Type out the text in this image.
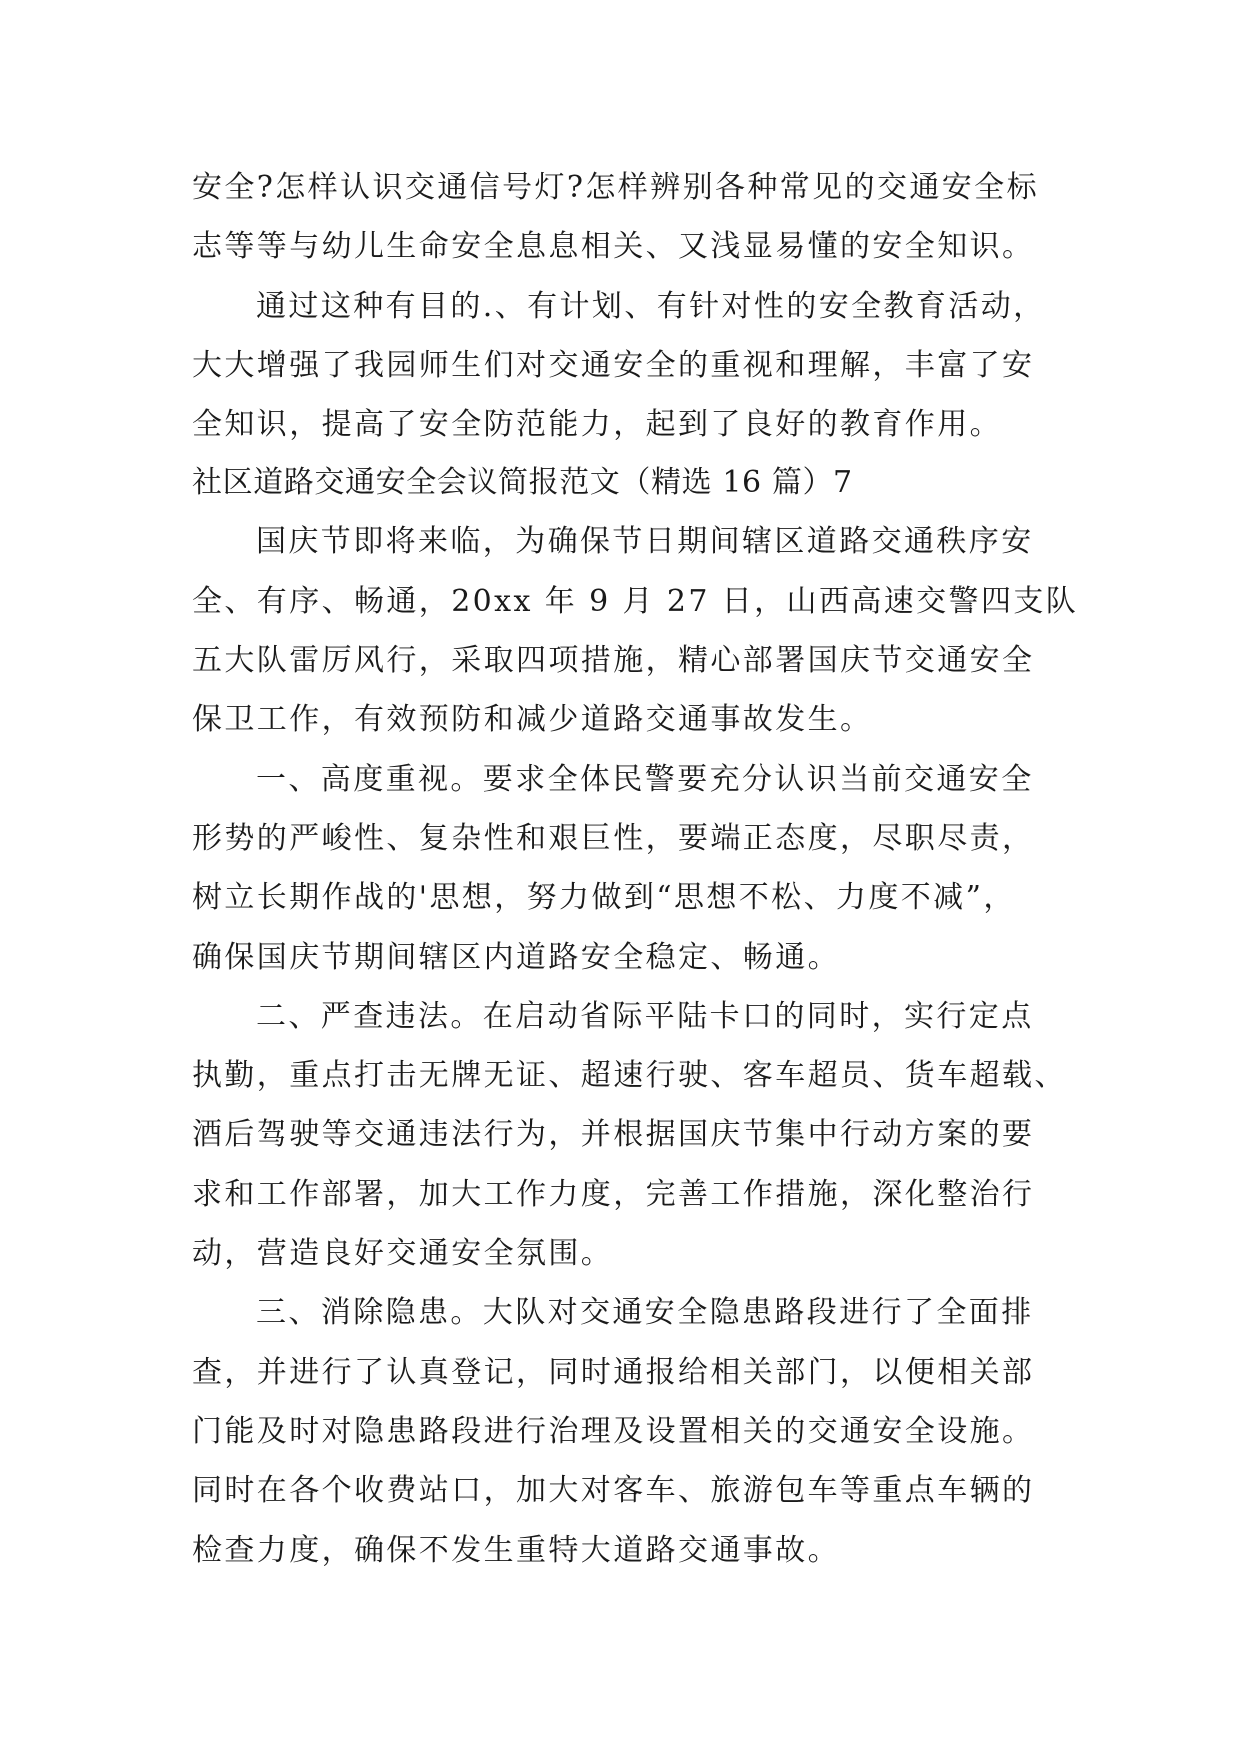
安全?怎样认识交通信号灯?怎样辨别各种常见的交通安全标

志等等与幼儿生命安全息息相关、又浅显易懂的安全知识。

通过这种有目的.、有计划、有针对性的安全教育活动，

大大增强了我园师生们对交通安全的重视和理解，丰富了安

全知识，提高了安全防范能力，起到了良好的教育作用。

社区道路交通安全会议简报范文（精选 16 篇）7

国庆节即将来临，为确保节日期间辖区道路交通秩序安

全、有序、畅通，20xx 年 9 月 27 日，山西高速交警四支队

五大队雷厉风行，采取四项措施，精心部署国庆节交通安全

保卫工作，有效预防和减少道路交通事故发生。

一、高度重视。要求全体民警要充分认识当前交通安全

形势的严峻性、复杂性和艰巨性，要端正态度，尽职尽责，

树立长期作战的'思想，努力做到“思想不松、力度不减”，

确保国庆节期间辖区内道路安全稳定、畅通。

二、严查违法。在启动省际平陆卡口的同时，实行定点

执勤，重点打击无牌无证、超速行驶、客车超员、货车超载、

酒后驾驶等交通违法行为，并根据国庆节集中行动方案的要

求和工作部署，加大工作力度，完善工作措施，深化整治行

动，营造良好交通安全氛围。

三、消除隐患。大队对交通安全隐患路段进行了全面排

查，并进行了认真登记，同时通报给相关部门，以便相关部

门能及时对隐患路段进行治理及设置相关的交通安全设施。

同时在各个收费站口，加大对客车、旅游包车等重点车辆的

检查力度，确保不发生重特大道路交通事故。
